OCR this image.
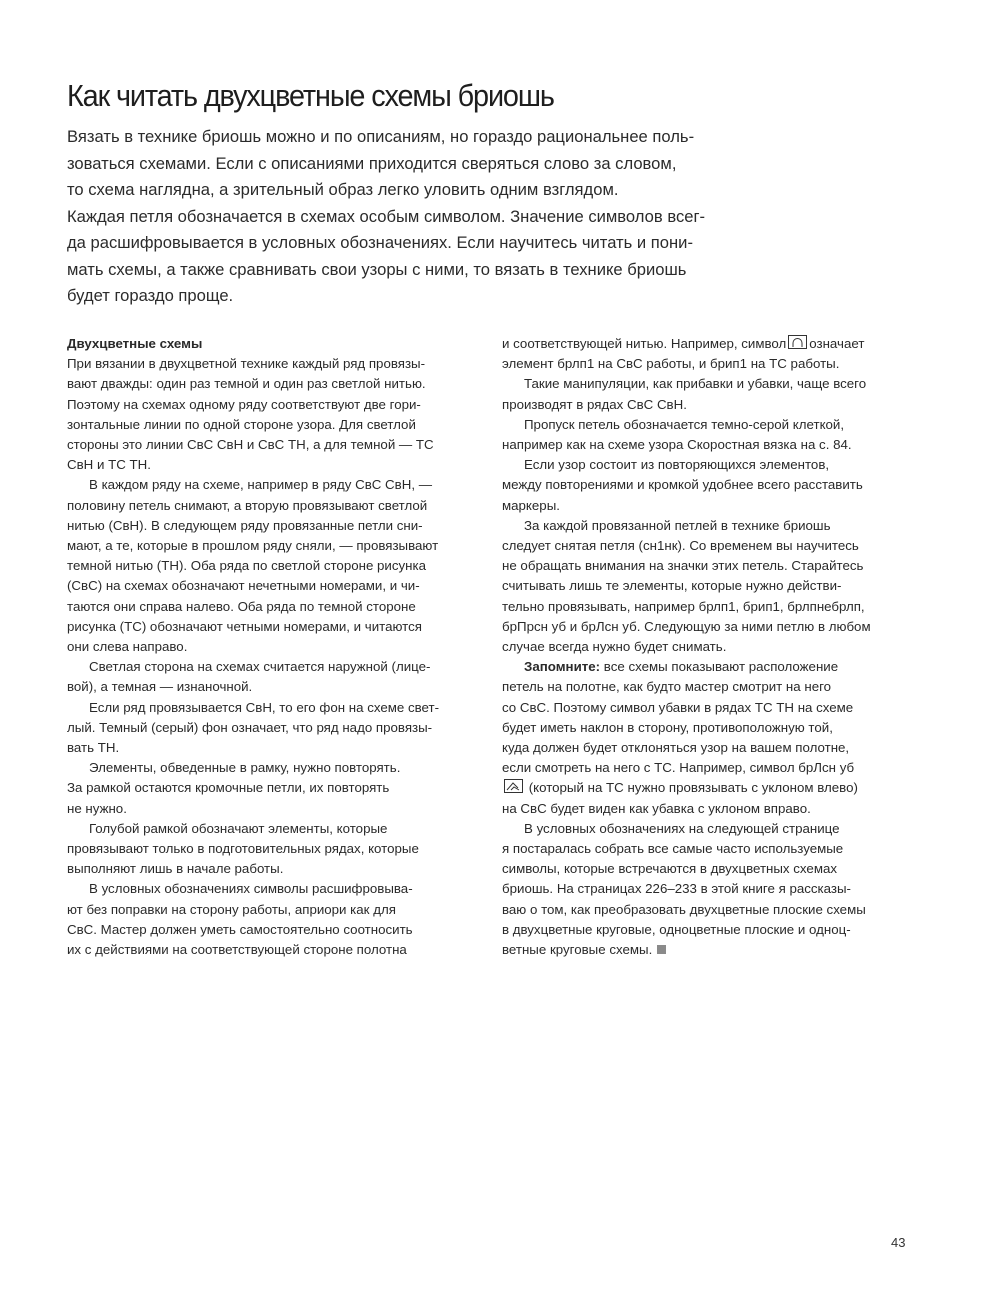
Как читать двухцветные схемы бриошь
Вязать в технике бриошь можно и по описаниям, но гораздо рациональнее поль-
зоваться схемами. Если с описаниями приходится сверяться слово за словом,
то схема наглядна, а зрительный образ легко уловить одним взглядом.
Каждая петля обозначается в схемах особым символом. Значение символов всег-
да расшифровывается в условных обозначениях. Если научитесь читать и пони-
мать схемы, а также сравнивать свои узоры с ними, то вязать в технике бриошь
будет гораздо проще.
Двухцветные схемы
При вязании в двухцветной технике каждый ряд провязы-
вают дважды: один раз темной и один раз светлой нитью.
Поэтому на схемах одному ряду соответствуют две гори-
зонтальные линии по одной стороне узора. Для светлой
стороны это линии СвС СвН и СвС ТН, а для темной — ТС
СвН и ТС ТН.
В каждом ряду на схеме, например в ряду СвС СвН, —
половину петель снимают, а вторую провязывают светлой
нитью (СвН). В следующем ряду провязанные петли сни-
мают, а те, которые в прошлом ряду сняли, — провязывают
темной нитью (ТН). Оба ряда по светлой стороне рисунка
(СвС) на схемах обозначают нечетными номерами, и чи-
таются они справа налево. Оба ряда по темной стороне
рисунка (ТС) обозначают четными номерами, и читаются
они слева направо.
Светлая сторона на схемах считается наружной (лице-
вой), а темная — изнаночной.
Если ряд провязывается СвН, то его фон на схеме свет-
лый. Темный (серый) фон означает, что ряд надо провязы-
вать ТН.
Элементы, обведенные в рамку, нужно повторять.
За рамкой остаются кромочные петли, их повторять
не нужно.
Голубой рамкой обозначают элементы, которые
провязывают только в подготовительных рядах, которые
выполняют лишь в начале работы.
В условных обозначениях символы расшифровыва-
ют без поправки на сторону работы, априори как для
СвС. Мастер должен уметь самостоятельно соотносить
их с действиями на соответствующей стороне полотна
и соответствующей нитью. Например, символ означает
элемент брлп1 на СвС работы, и брип1 на ТС работы.
Такие манипуляции, как прибавки и убавки, чаще всего
производят в рядах СвС СвН.
Пропуск петель обозначается темно-серой клеткой,
например как на схеме узора Скоростная вязка на с. 84.
Если узор состоит из повторяющихся элементов,
между повторениями и кромкой удобнее всего расставить
маркеры.
За каждой провязанной петлей в технике бриошь
следует снятая петля (сн1нк). Со временем вы научитесь
не обращать внимания на значки этих петель. Старайтесь
считывать лишь те элементы, которые нужно действи-
тельно провязывать, например брлп1, брип1, брлпнебрлп,
брПрсн уб и брЛсн уб. Следующую за ними петлю в любом
случае всегда нужно будет снимать.
Запомните: все схемы показывают расположение
петель на полотне, как будто мастер смотрит на него
со СвС. Поэтому символ убавки в рядах ТС ТН на схеме
будет иметь наклон в сторону, противоположную той,
куда должен будет отклоняться узор на вашем полотне,
если смотреть на него с ТС. Например, символ брЛсн уб
(который на ТС нужно провязывать с уклоном влево)
на СвС будет виден как убавка с уклоном вправо.
В условных обозначениях на следующей странице
я постаралась собрать все самые часто используемые
символы, которые встречаются в двухцветных схемах
бриошь. На страницах 226–233 в этой книге я рассказы-
ваю о том, как преобразовать двухцветные плоские схемы
в двухцветные круговые, одноцветные плоские и одноц-
ветные круговые схемы.
43
